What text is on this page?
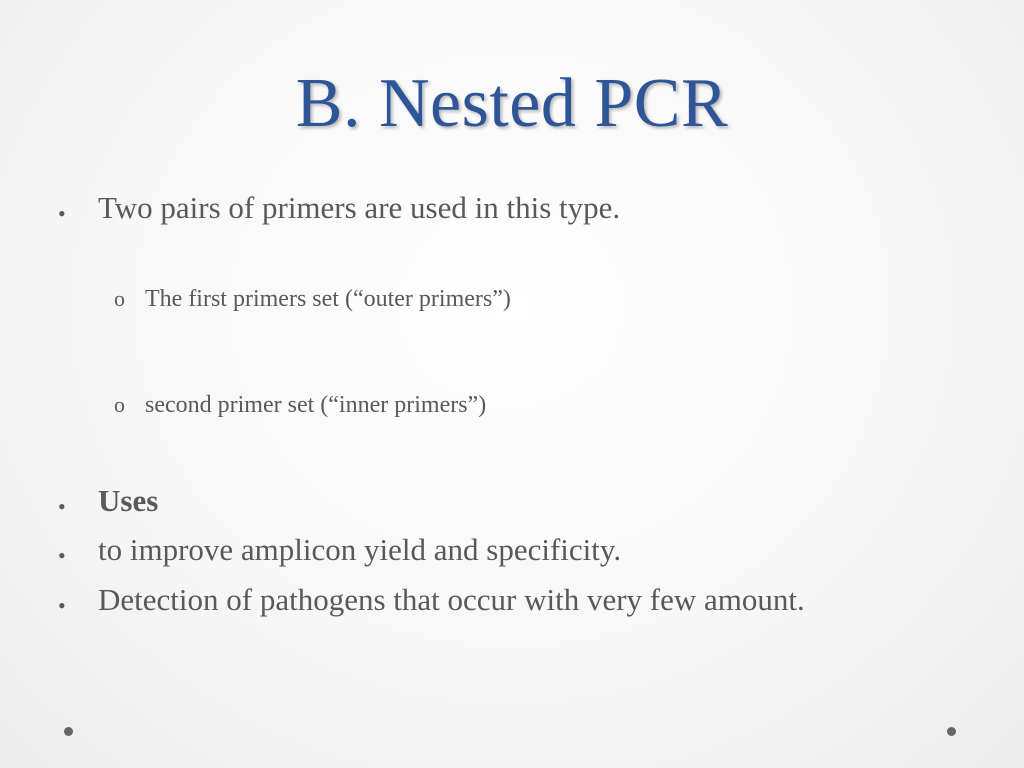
B. Nested PCR
• Two pairs of primers are used in this type.
o The first primers set (“outer primers”)
o second primer set (“inner primers”)
• Uses
• to improve amplicon yield and specificity.
• Detection of pathogens that occur with very few amount.
